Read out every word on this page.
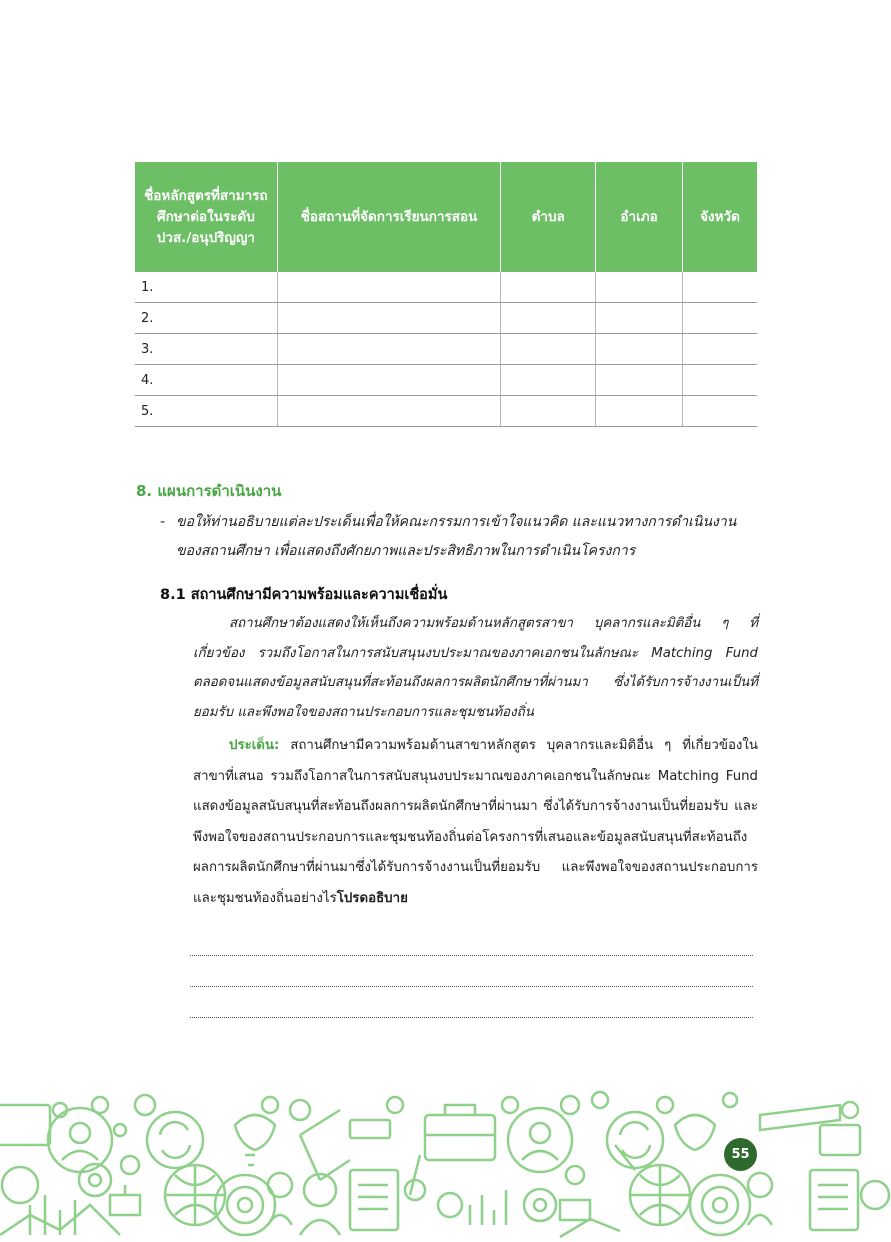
ชื่อหลักสูตรที่สามารถศึกษาต่อในระดับ ปวส./อนุปริญญา	ชื่อสถานที่จัดการเรียนการสอน	ตำบล	อำเภอ	จังหวัด
1.				
2.				
3.				
4.				
5.				
8. แผนการดำเนินงาน
- ขอให้ท่านอธิบายแต่ละประเด็นเพื่อให้คณะกรรมการเข้าใจแนวคิด และแนวทางการดำเนินงานของสถานศึกษา เพื่อแสดงถึงศักยภาพและประสิทธิภาพในการดำเนินโครงการ
8.1 สถานศึกษามีความพร้อมและความเชื่อมั่น
สถานศึกษาต้องแสดงให้เห็นถึงความพร้อมด้านหลักสูตรสาขา บุคลากรและมิติอื่น ๆ ที่เกี่ยวข้อง รวมถึงโอกาสในการสนับสนุนงบประมาณของภาคเอกชนในลักษณะ Matching Fund ตลอดจนแสดงข้อมูลสนับสนุนที่สะท้อนถึงผลการผลิตนักศึกษาที่ผ่านมา ซึ่งได้รับการจ้างงานเป็นที่ยอมรับ และพึงพอใจของสถานประกอบการและชุมชนท้องถิ่น
ประเด็น: สถานศึกษามีความพร้อมด้านสาขาหลักสูตร บุคลากรและมิติอื่น ๆ ที่เกี่ยวข้องในสาขาที่เสนอ รวมถึงโอกาสในการสนับสนุนงบประมาณของภาคเอกชนในลักษณะ Matching Fund แสดงข้อมูลสนับสนุนที่สะท้อนถึงผลการผลิตนักศึกษาที่ผ่านมา ซึ่งได้รับการจ้างงานเป็นที่ยอมรับ และพึงพอใจของสถานประกอบการและชุมชนท้องถิ่นต่อโครงการที่เสนอและข้อมูลสนับสนุนที่สะท้อนถึงผลการผลิตนักศึกษาที่ผ่านมาซึ่งได้รับการจ้างงานเป็นที่ยอมรับ และพึงพอใจของสถานประกอบการและชุมชนท้องถิ่นอย่างไรโปรดอธิบาย
55
